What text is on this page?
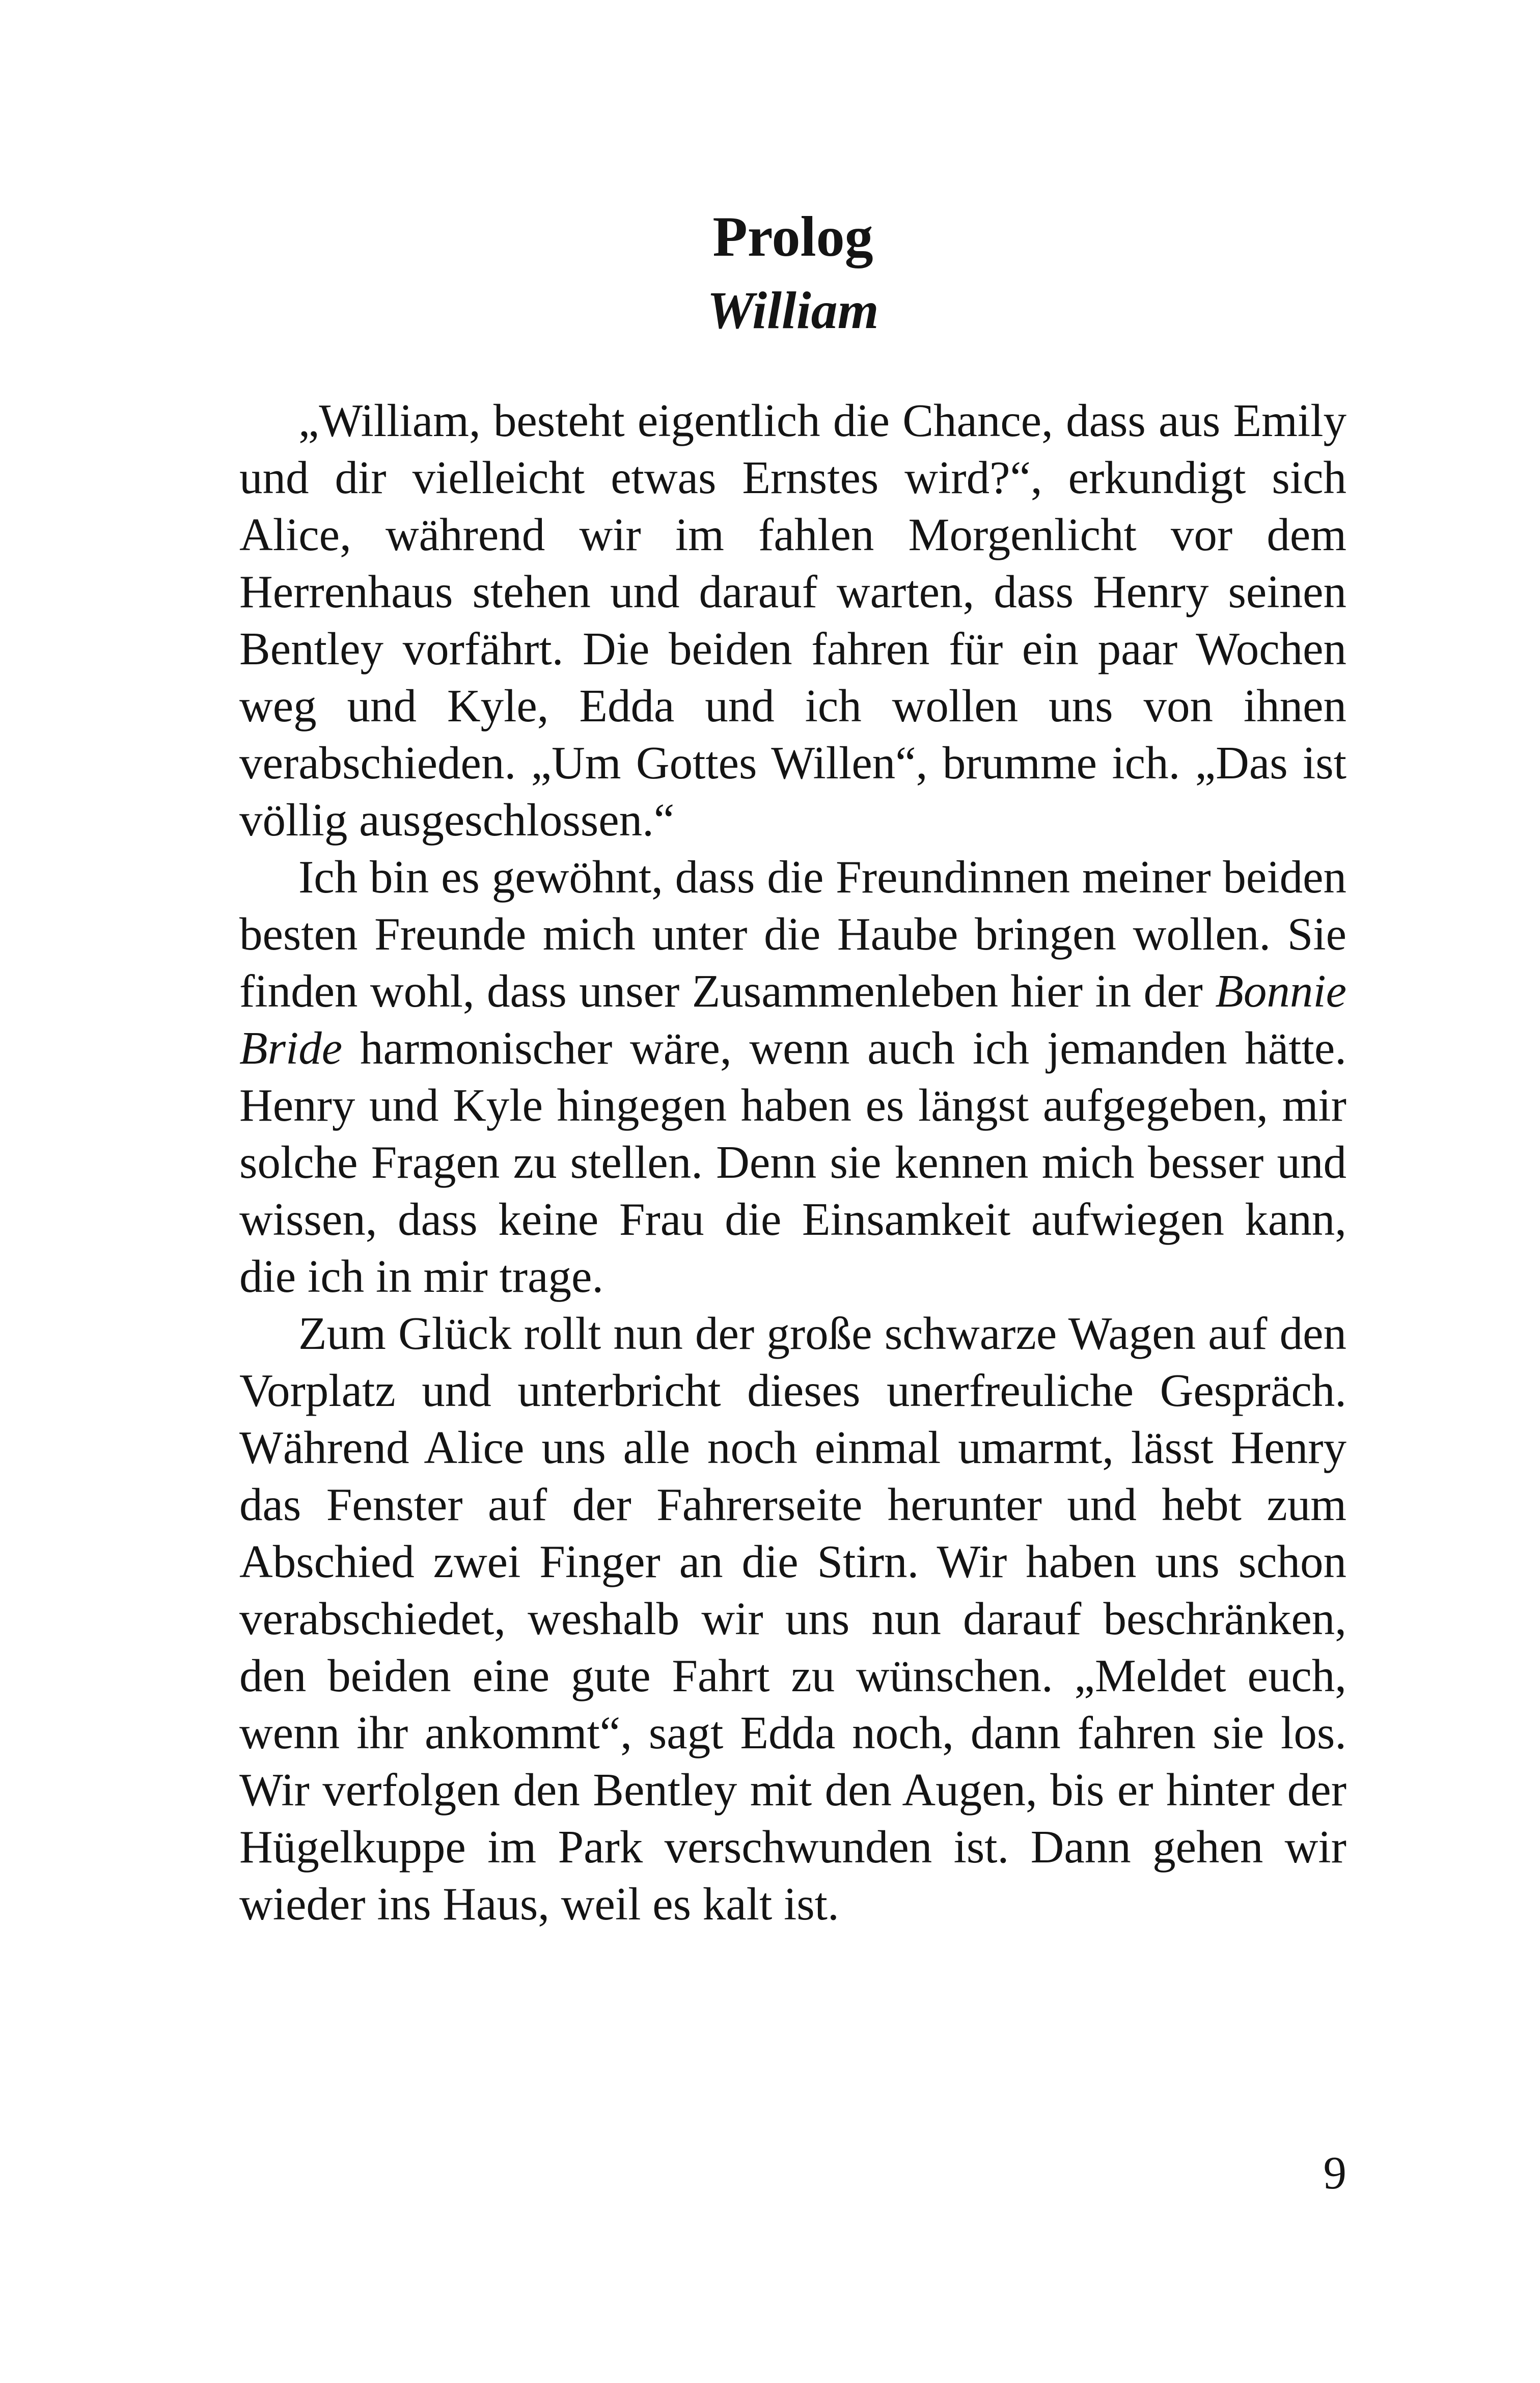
Prolog
William

„William, besteht eigentlich die Chance, dass aus Emily und dir vielleicht etwas Ernstes wird?“, erkundigt sich Alice, während wir im fahlen Morgenlicht vor dem Herrenhaus stehen und darauf warten, dass Henry seinen Bentley vorfährt. Die beiden fahren für ein paar Wochen weg und Kyle, Edda und ich wollen uns von ihnen verabschieden. „Um Gottes Willen“, brumme ich. „Das ist völlig ausgeschlossen.“

Ich bin es gewöhnt, dass die Freundinnen meiner beiden besten Freunde mich unter die Haube bringen wollen. Sie finden wohl, dass unser Zusammenleben hier in der Bonnie Bride harmonischer wäre, wenn auch ich jemanden hätte. Henry und Kyle hingegen haben es längst aufgegeben, mir solche Fragen zu stellen. Denn sie kennen mich besser und wissen, dass keine Frau die Einsamkeit aufwiegen kann, die ich in mir trage.

Zum Glück rollt nun der große schwarze Wagen auf den Vorplatz und unterbricht dieses unerfreuliche Gespräch. Während Alice uns alle noch einmal umarmt, lässt Henry das Fenster auf der Fahrerseite herunter und hebt zum Abschied zwei Finger an die Stirn. Wir haben uns schon verabschiedet, weshalb wir uns nun darauf beschränken, den beiden eine gute Fahrt zu wünschen. „Meldet euch, wenn ihr ankommt“, sagt Edda noch, dann fahren sie los. Wir verfolgen den Bentley mit den Augen, bis er hinter der Hügelkuppe im Park verschwunden ist. Dann gehen wir wieder ins Haus, weil es kalt ist.

9
